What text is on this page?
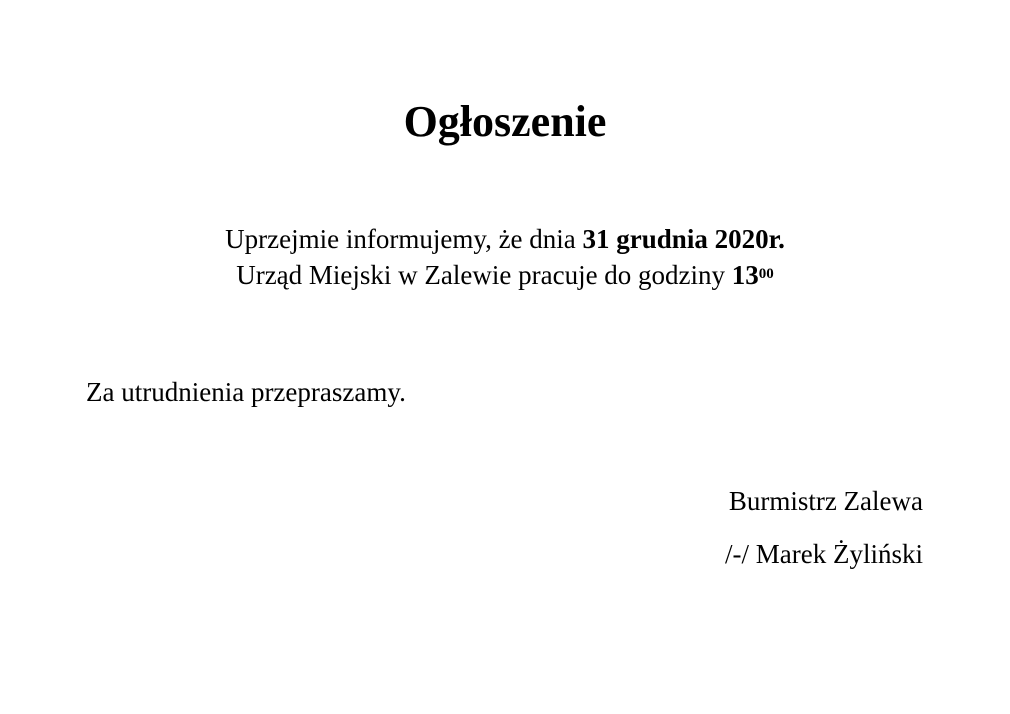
Ogłoszenie
Uprzejmie informujemy, że dnia 31 grudnia 2020r.
Urząd Miejski w Zalewie pracuje do godziny $13^{00}$
Za utrudnienia przepraszamy.
Burmistrz Zalewa
/-/ Marek Żyliński
